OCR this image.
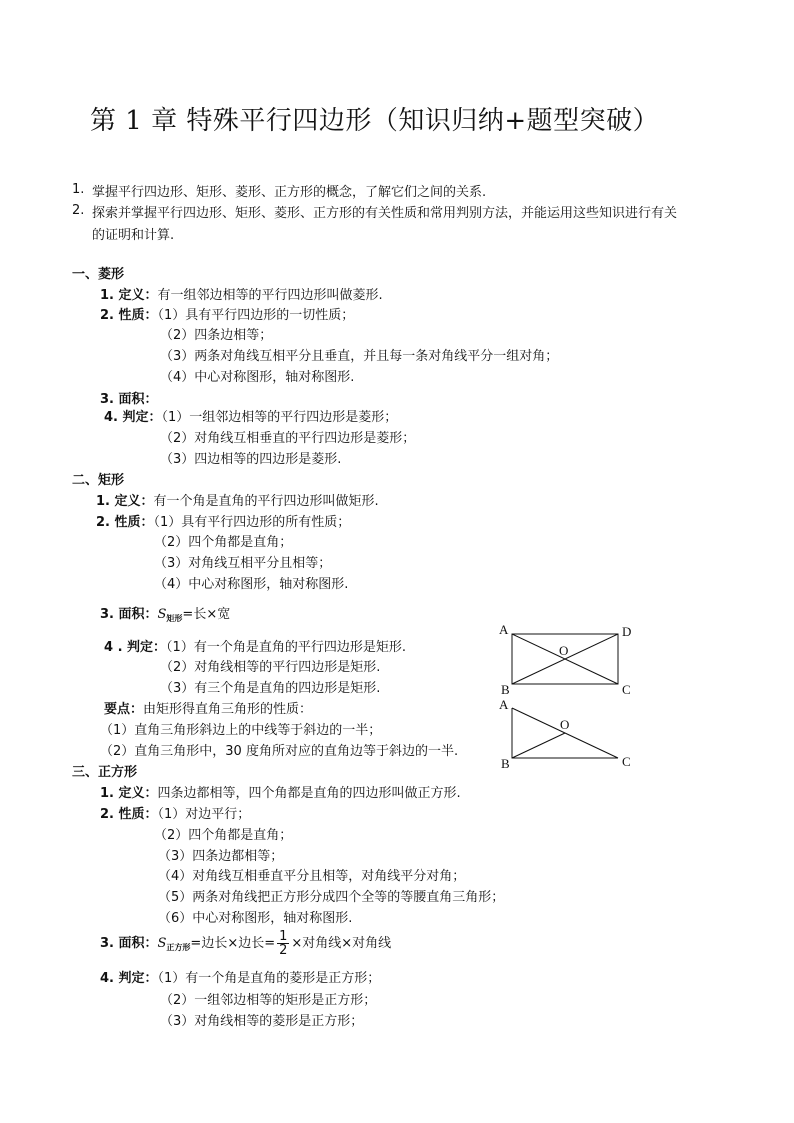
第 1 章 特殊平行四边形（知识归纳+题型突破）
1. 掌握平行四边形、矩形、菱形、正方形的概念，了解它们之间的关系.
2. 探索并掌握平行四边形、矩形、菱形、正方形的有关性质和常用判别方法，并能运用这些知识进行有关
的证明和计算.
一、菱形
1. 定义：有一组邻边相等的平行四边形叫做菱形.
2. 性质：（1）具有平行四边形的一切性质；
（2）四条边相等；
（3）两条对角线互相平分且垂直，并且每一条对角线平分一组对角；
（4）中心对称图形，轴对称图形.
3. 面积：
4. 判定：（1）一组邻边相等的平行四边形是菱形；
（2）对角线互相垂直的平行四边形是菱形；
（3）四边相等的四边形是菱形.
二、矩形
1. 定义：有一个角是直角的平行四边形叫做矩形.
2. 性质：（1）具有平行四边形的所有性质；
（2）四个角都是直角；
（3）对角线互相平分且相等；
（4）中心对称图形，轴对称图形.
3. 面积：$S_{矩形}=$长×宽
4 . 判定：（1）有一个角是直角的平行四边形是矩形.
（2）对角线相等的平行四边形是矩形.
（3）有三个角是直角的四边形是矩形.
要点：由矩形得直角三角形的性质：
（1）直角三角形斜边上的中线等于斜边的一半；
（2）直角三角形中，30 度角所对应的直角边等于斜边的一半.
A	D
O
B	C
A
O
B	C
三、正方形
1. 定义：四条边都相等，四个角都是直角的四边形叫做正方形.
2. 性质：（1）对边平行；
（2）四个角都是直角；
（3）四条边都相等；
（4）对角线互相垂直平分且相等，对角线平分对角；
（5）两条对角线把正方形分成四个全等的等腰直角三角形；
（6）中心对称图形，轴对称图形.
3. 面积：$S_{正方形}=$边长×边长= $\frac{1}{2}$ ×对角线×对角线
4. 判定：（1）有一个角是直角的菱形是正方形；
（2）一组邻边相等的矩形是正方形；
（3）对角线相等的菱形是正方形；
